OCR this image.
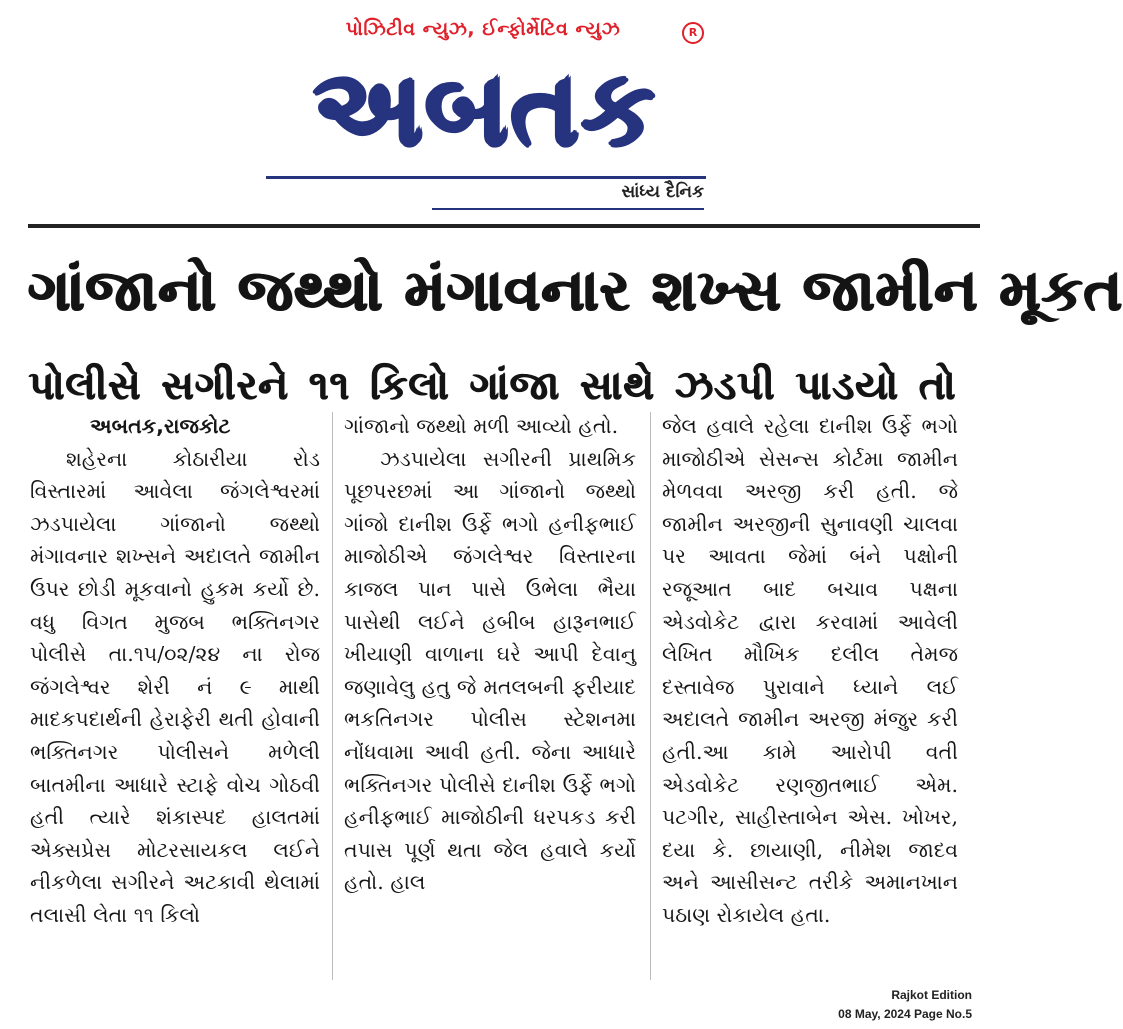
પોઝિટીવ ન્યુઝ, ઈન્ફોર્મેટિવ ન્યુઝ	R
અબતક
સાંધ્ય દૈનિક
ગાંજાનો જથ્થો મંગાવનાર શખ્સ જામીન મૂકત
પોલીસે સગીરને ૧૧ કિલો ગાંજા સાથે ઝડપી પાડયો તો

અબતક,રાજકોટ

શહેરના કોઠારીયા રોડ વિસ્તારમાં આવેલા જંગલેશ્વરમાં ઝડપાયેલા ગાંજાનો જથ્થો મંગાવનાર શખ્સને અદાલતે જામીન ઉપર છોડી મૂકવાનો હુકમ કર્યો છે. વધુ વિગત મુજબ ભક્તિનગર પોલીસે તા.૧૫/૦૨/૨૪ ના રોજ જંગલેશ્વર શેરી નં ૯ માથી માદકપદાર્થની હેરાફેરી થતી હોવાની ભક્તિનગર પોલીસને મળેલી બાતમીના આધારે સ્ટાફે વોચ ગોઠવી હતી ત્યારે શંકાસ્પદ હાલતમાં એક્સપ્રેસ મોટરસાયકલ લઈને નીકળેલા સગીરને અટકાવી થેલામાં તલાસી લેતા ૧૧ કિલો

ગાંજાનો જથ્થો મળી આવ્યો હતો.

ઝડપાયેલા સગીરની પ્રાથમિક પૂછપરછમાં આ ગાંજાનો જથ્થો ગાંજો દાનીશ ઉર્ફે ભગો હનીફભાઈ માજોઠીએ જંગલેશ્વર વિસ્તારના કાજલ પાન પાસે ઉભેલા ભૈયા પાસેથી લઈને હબીબ હારૂનભાઈ ખીયાણી વાળાના ઘરે આપી દેવાનુ જણાવેલુ હતુ જે મતલબની ફરીયાદ ભકતિનગર પોલીસ સ્ટેશનમા નોંધવામા આવી હતી. જેના આધારે ભક્તિનગર પોલીસે દાનીશ ઉર્ફે ભગો હનીફભાઈ માજોઠીની ધરપકડ કરી તપાસ પૂર્ણ થતા જેલ હવાલે કર્યો હતો. હાલ

જેલ હવાલે રહેલા દાનીશ ઉર્ફે ભગો માજોઠીએ સેસન્સ કોર્ટમા જામીન મેળવવા અરજી કરી હતી. જે જામીન અરજીની સુનાવણી ચાલવા પર આવતા જેમાં બંને પક્ષોની રજૂઆત બાદ બચાવ પક્ષના એડવોકેટ દ્વારા કરવામાં આવેલી લેખિત મૌખિક દલીલ તેમજ દસ્તાવેજ પુરાવાને ધ્યાને લઈ અદાલતે જામીન અરજી મંજુર કરી હતી.આ કામે આરોપી વતી એડવોકેટ રણજીતભાઈ એમ. પટગીર, સાહીસ્તાબેન એસ. ખોખર, દયા કે. છાયાણી, નીમેશ જાદવ અને આસીસન્ટ તરીકે અમાનખાન પઠાણ રોકાયેલ હતા.

Rajkot Edition
08 May, 2024 Page No.5
